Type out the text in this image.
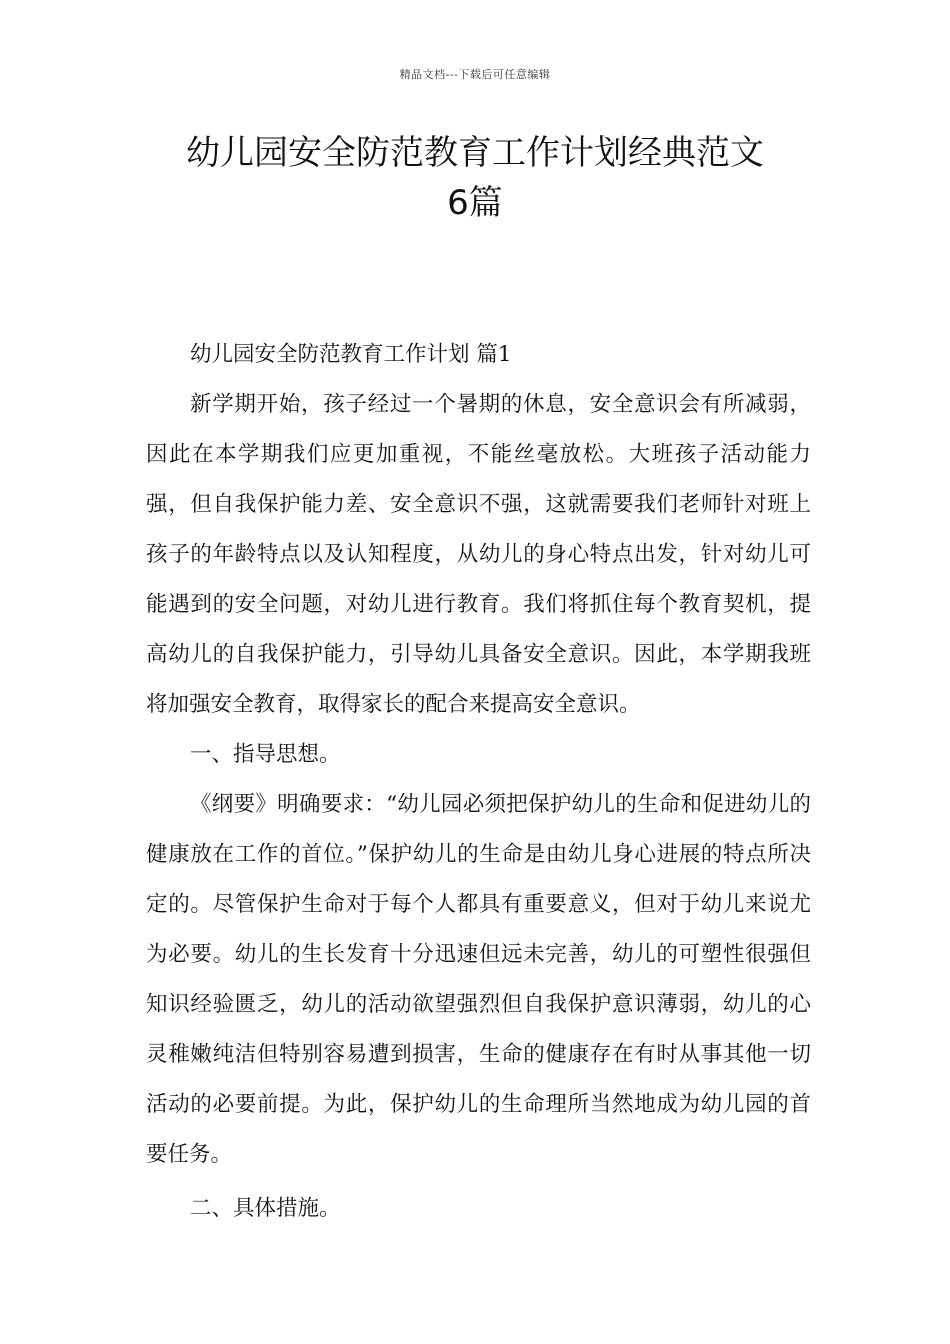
精品文档---下载后可任意编辑
幼儿园安全防范教育工作计划经典范文
6篇

幼儿园安全防范教育工作计划 篇1

新学期开始，孩子经过一个暑期的休息，安全意识会有所减弱，因此在本学期我们应更加重视，不能丝毫放松。大班孩子活动能力强，但自我保护能力差、安全意识不强，这就需要我们老师针对班上孩子的年龄特点以及认知程度，从幼儿的身心特点出发，针对幼儿可能遇到的安全问题，对幼儿进行教育。我们将抓住每个教育契机，提高幼儿的自我保护能力，引导幼儿具备安全意识。因此，本学期我班将加强安全教育，取得家长的配合来提高安全意识。

一、指导思想。

《纲要》明确要求：“幼儿园必须把保护幼儿的生命和促进幼儿的健康放在工作的首位。”保护幼儿的生命是由幼儿身心进展的特点所决定的。尽管保护生命对于每个人都具有重要意义，但对于幼儿来说尤为必要。幼儿的生长发育十分迅速但远未完善，幼儿的可塑性很强但知识经验匮乏，幼儿的活动欲望强烈但自我保护意识薄弱，幼儿的心灵稚嫩纯洁但特别容易遭到损害，生命的健康存在有时从事其他一切活动的必要前提。为此，保护幼儿的生命理所当然地成为幼儿园的首要任务。

二、具体措施。
